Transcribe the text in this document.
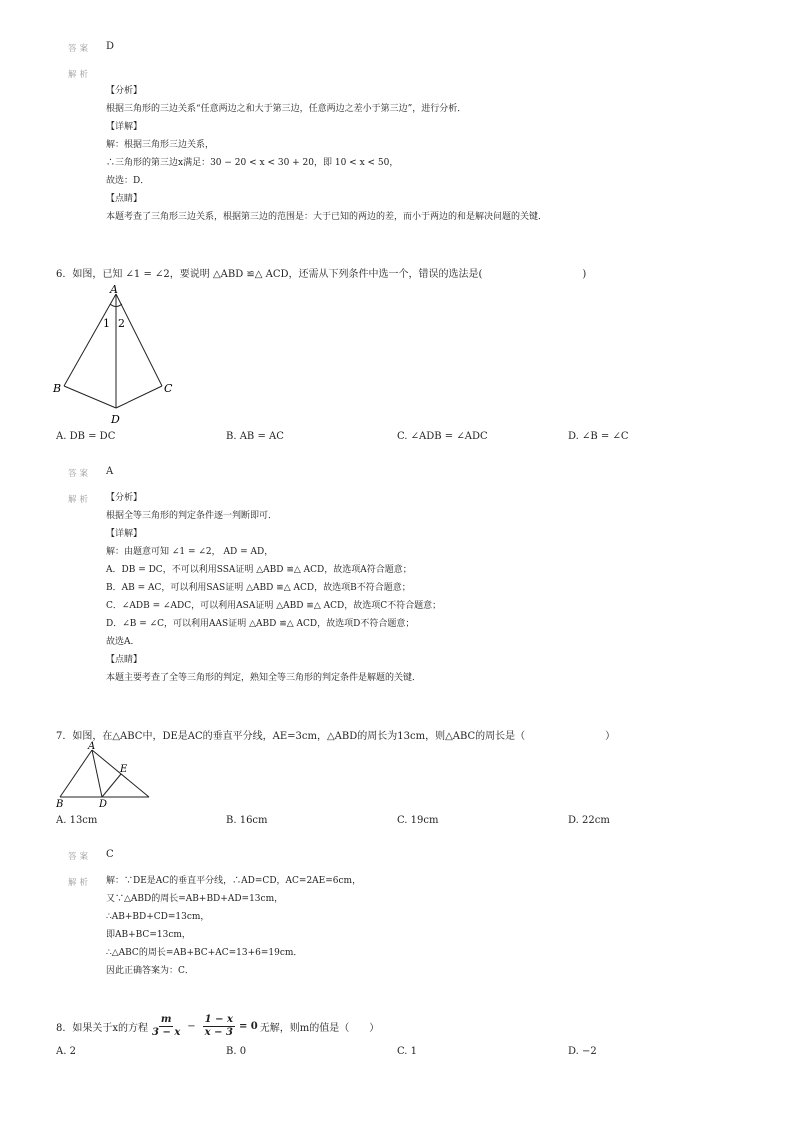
答案 D
解析
【分析】
根据三角形的三边关系“任意两边之和大于第三边，任意两边之差小于第三边”，进行分析．
【详解】
解：根据三角形三边关系，
∴三角形的第三边x满足：30 − 20 < x < 30 + 20，即 10 < x < 50，
故选：D．
【点睛】
本题考查了三角形三边关系，根据第三边的范围是：大于已知的两边的差，而小于两边的和是解决问题的关键．
6．如图，已知 ∠1 = ∠2，要说明 △ABD ≌△ ACD，还需从下列条件中选一个，错误的选法是(　　　　　　　　　　)
A
B	C
D
1 2
A. DB = DC	B. AB = AC	C. ∠ADB = ∠ADC	D. ∠B = ∠C
答案 A
解析 【分析】
根据全等三角形的判定条件逐一判断即可．
【详解】
解：由题意可知 ∠1 = ∠2， AD = AD，
A．DB = DC，不可以利用SSA证明 △ABD ≌△ ACD，故选项A符合题意；
B．AB = AC，可以利用SAS证明 △ABD ≌△ ACD，故选项B不符合题意；
C．∠ADB = ∠ADC，可以利用ASA证明 △ABD ≌△ ACD，故选项C不符合题意；
D．∠B = ∠C，可以利用AAS证明 △ABD ≌△ ACD，故选项D不符合题意；
故选A．
【点睛】
本题主要考查了全等三角形的判定，熟知全等三角形的判定条件是解题的关键．
7．如图，在△ABC中，DE是AC的垂直平分线，AE=3cm，△ABD的周长为13cm，则△ABC的周长是（　　　　　　　　）
A
B	D
E
A. 13cm	B. 16cm	C. 19cm	D. 22cm
答案 C
解析 解：∵DE是AC的垂直平分线，∴AD=CD，AC=2AE=6cm，
又∵△ABD的周长=AB+BD+AD=13cm，
∴AB+BD+CD=13cm，
即AB+BC=13cm，
∴△ABC的周长=AB+BC+AC=13+6=19cm．
因此正确答案为：C．
8．如果关于x的方程 $\frac{m}{3 - x} - \frac{1 - x}{x - 3} = 0$ 无解，则m的值是（　　）
A. 2	B. 0	C. 1	D. −2
